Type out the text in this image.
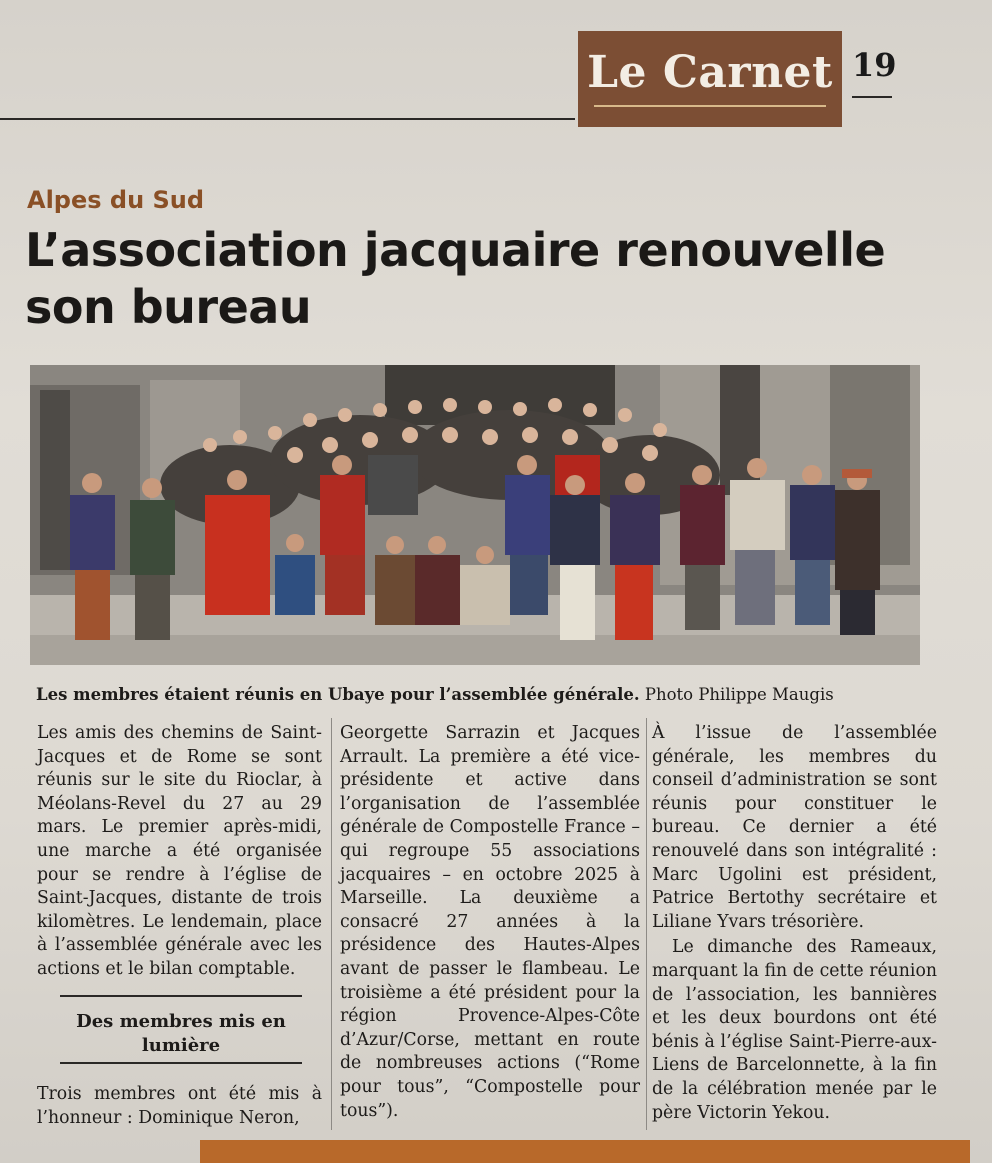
Le Carnet 19
Alpes du Sud
L’association jacquaire renouvelle son bureau
Les membres étaient réunis en Ubaye pour l’assemblée générale. Photo Philippe Maugis

Les amis des chemins de Saint-Jacques et de Rome se sont réunis sur le site du Rioclar, à Méolans-Revel du 27 au 29 mars. Le premier après-midi, une marche a été organisée pour se rendre à l’église de Saint-Jacques, distante de trois kilomètres. Le lendemain, place à l’assemblée générale avec les actions et le bilan comptable.

Des membres mis en lumière

Trois membres ont été mis à l’honneur : Dominique Neron,

Georgette Sarrazin et Jacques Arrault. La première a été vice-présidente et active dans l’organisation de l’assemblée générale de Compostelle France – qui regroupe 55 associations jacquaires – en octobre 2025 à Marseille. La deuxième a consacré 27 années à la présidence des Hautes-Alpes avant de passer le flambeau. Le troisième a été président pour la région Provence-Alpes-Côte d’Azur/Corse, mettant en route de nombreuses actions (“Rome pour tous”, “Compostelle pour tous”).

À l’issue de l’assemblée générale, les membres du conseil d’administration se sont réunis pour constituer le bureau. Ce dernier a été renouvelé dans son intégralité : Marc Ugolini est président, Patrice Bertothy secrétaire et Liliane Yvars trésorière.

Le dimanche des Rameaux, marquant la fin de cette réunion de l’association, les bannières et les deux bourdons ont été bénis à l’église Saint-Pierre-aux-Liens de Barcelonnette, à la fin de la célébration menée par le père Victorin Yekou.
